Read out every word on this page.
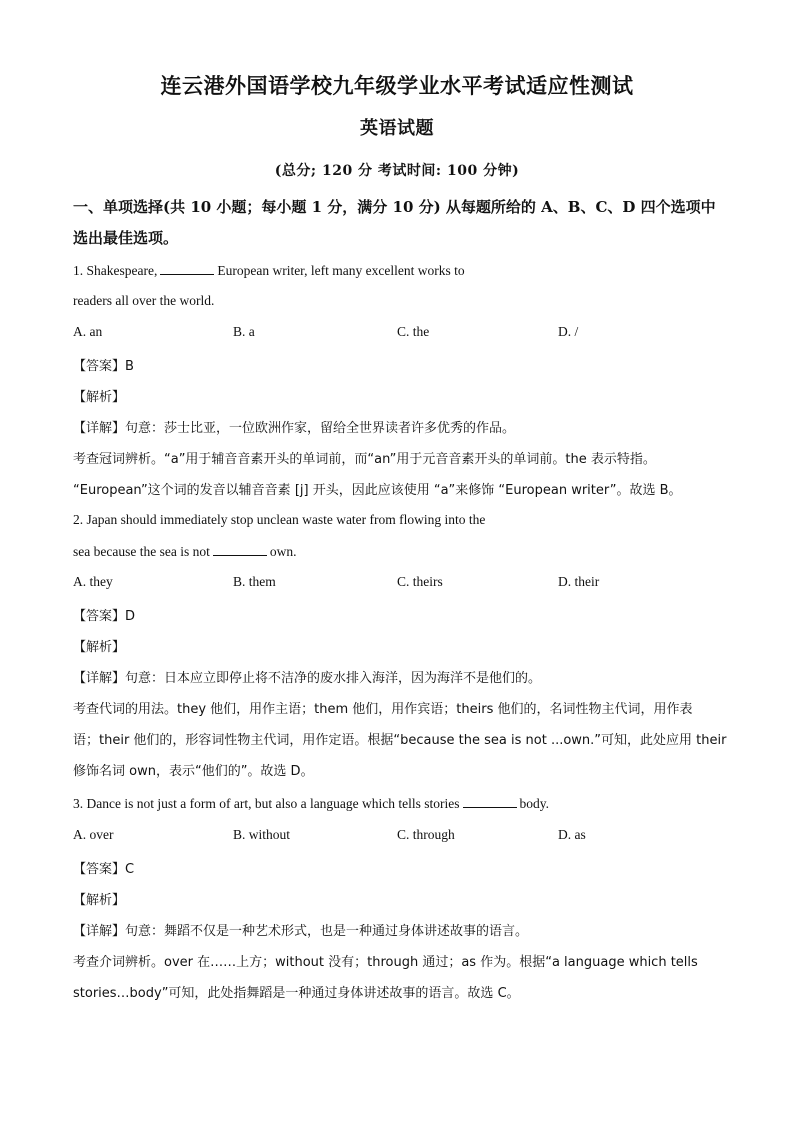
连云港外国语学校九年级学业水平考试适应性测试
英语试题
(总分; 120 分 考试时间: 100 分钟)
一、单项选择(共 10 小题；每小题 1 分，满分 10 分) 从每题所给的 A、B、C、D 四个选项中
选出最佳选项。
1. Shakespeare,	European writer, left many excellent works to
readers all over the world.
A. an	B. a	C. the	D. /
【答案】B
【解析】
【详解】句意：莎士比亚，一位欧洲作家，留给全世界读者许多优秀的作品。
考查冠词辨析。“a”用于辅音音素开头的单词前，而“an”用于元音音素开头的单词前。the 表示特指。
“European”这个词的发音以辅音音素 [j] 开头，因此应该使用 “a”来修饰 “European writer”。故选 B。
2. Japan should immediately stop unclean waste water from flowing into the
sea because the sea is not	own.
A. they	B. them	C. theirs	D. their
【答案】D
【解析】
【详解】句意：日本应立即停止将不洁净的废水排入海洋，因为海洋不是他们的。
考查代词的用法。they 他们，用作主语；them 他们，用作宾语；theirs 他们的，名词性物主代词，用作表
语；their 他们的，形容词性物主代词，用作定语。根据“because the sea is not ...own.”可知，此处应用 their
修饰名词 own，表示“他们的”。故选 D。
3. Dance is not just a form of art, but also a language which tells stories	body.
A. over	B. without	C. through	D. as
【答案】C
【解析】
【详解】句意：舞蹈不仅是一种艺术形式，也是一种通过身体讲述故事的语言。
考查介词辨析。over 在……上方；without 没有；through 通过；as 作为。根据“a language which tells
stories…body”可知，此处指舞蹈是一种通过身体讲述故事的语言。故选 C。
